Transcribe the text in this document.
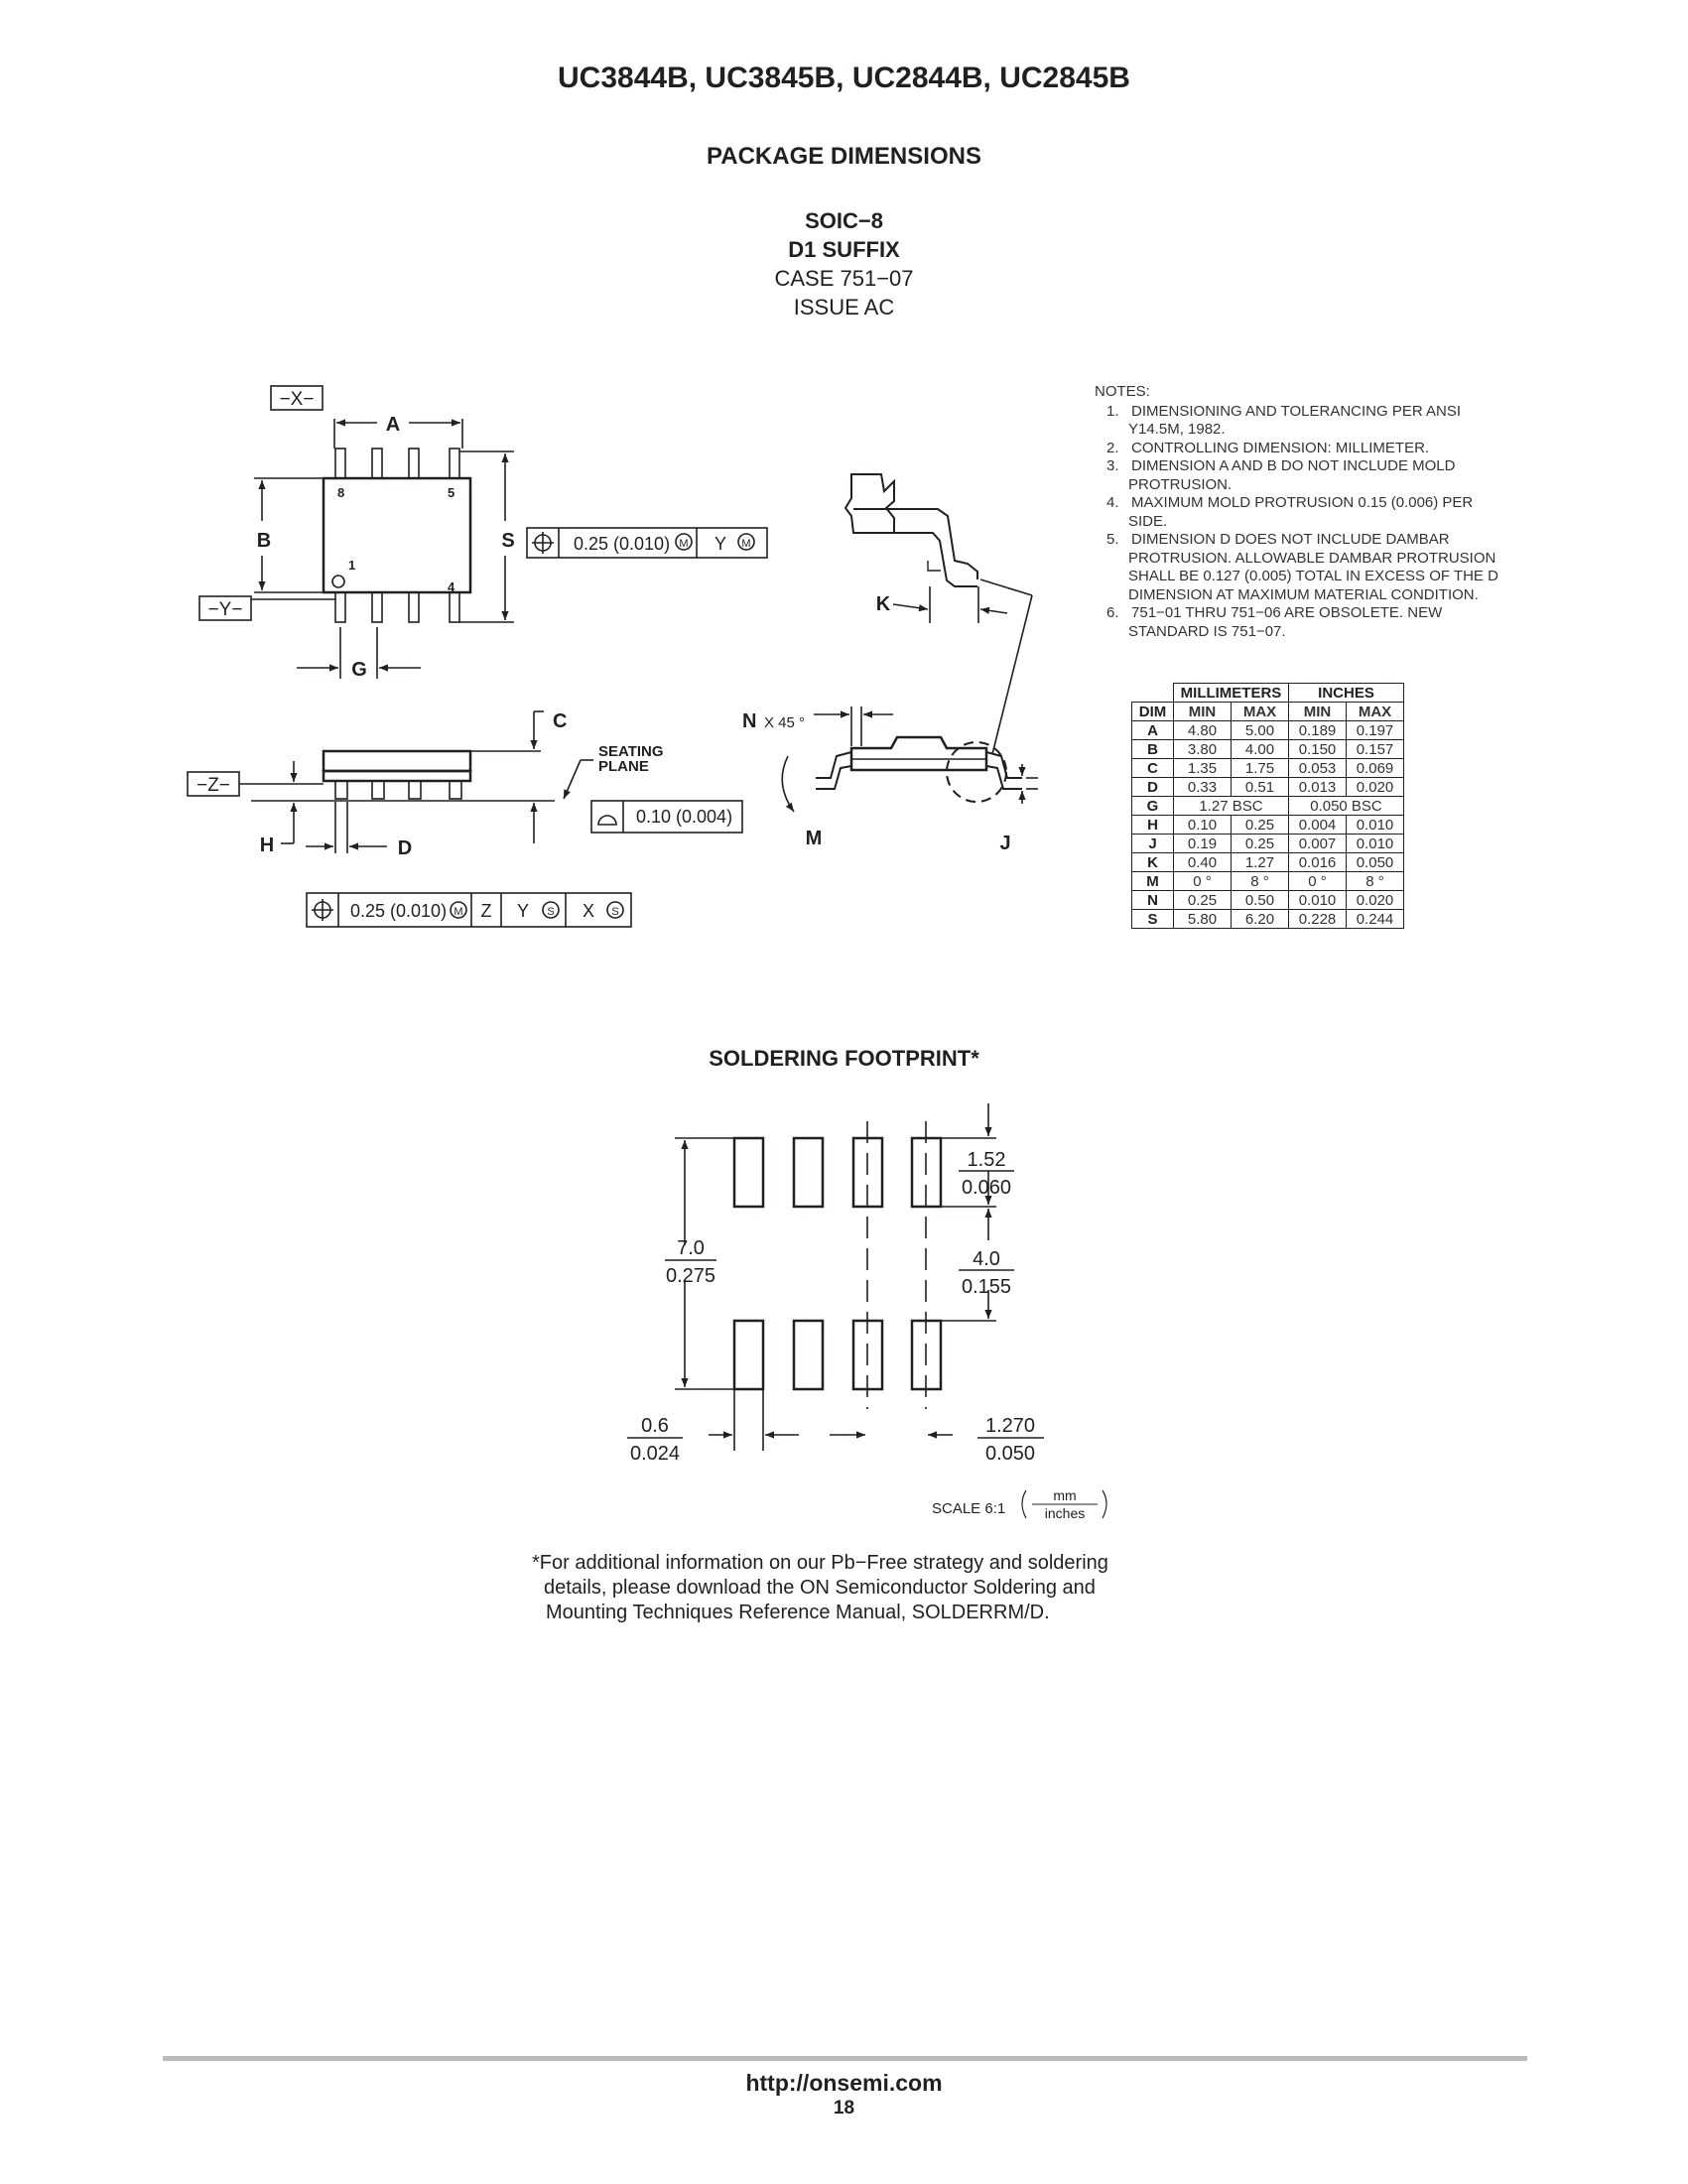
UC3844B, UC3845B, UC2844B, UC2845B
PACKAGE DIMENSIONS
SOIC−8
D1 SUFFIX
CASE 751−07
ISSUE AC
−X−
A
8	5
1
4
B
−Y−
S
G
0.25 (0.010) M Y M
−Z−
C
SEATING
PLANE
H	D
0.10 (0.004)
0.25 (0.010) M Z Y S X S
K
N X 45 °
M	J
7.0
0.275
1.52
0.060
4.0
0.155
0.6
0.024
1.270
0.050
SCALE 6:1
mm
inches
NOTES:
1. DIMENSIONING AND TOLERANCING PER ANSI Y14.5M, 1982.
2. CONTROLLING DIMENSION: MILLIMETER.
3. DIMENSION A AND B DO NOT INCLUDE MOLD PROTRUSION.
4. MAXIMUM MOLD PROTRUSION 0.15 (0.006) PER SIDE.
5. DIMENSION D DOES NOT INCLUDE DAMBAR PROTRUSION. ALLOWABLE DAMBAR PROTRUSION SHALL BE 0.127 (0.005) TOTAL IN EXCESS OF THE D DIMENSION AT MAXIMUM MATERIAL CONDITION.
6. 751−01 THRU 751−06 ARE OBSOLETE. NEW STANDARD IS 751−07.
	MILLIMETERS		INCHES	
DIM	MIN	MAX	MIN	MAX
A	4.80	5.00	0.189	0.197
B	3.80	4.00	0.150	0.157
C	1.35	1.75	0.053	0.069
D	0.33	0.51	0.013	0.020
G	1.27 BSC		0.050 BSC	
H	0.10	0.25	0.004	0.010
J	0.19	0.25	0.007	0.010
K	0.40	1.27	0.016	0.050
M	0 °	8 °	0 °	8 °
N	0.25	0.50	0.010	0.020
S	5.80	6.20	0.228	0.244
SOLDERING FOOTPRINT*
*For additional information on our Pb−Free strategy and soldering
details, please download the ON Semiconductor Soldering and
Mounting Techniques Reference Manual, SOLDERRM/D.
http://onsemi.com
18
